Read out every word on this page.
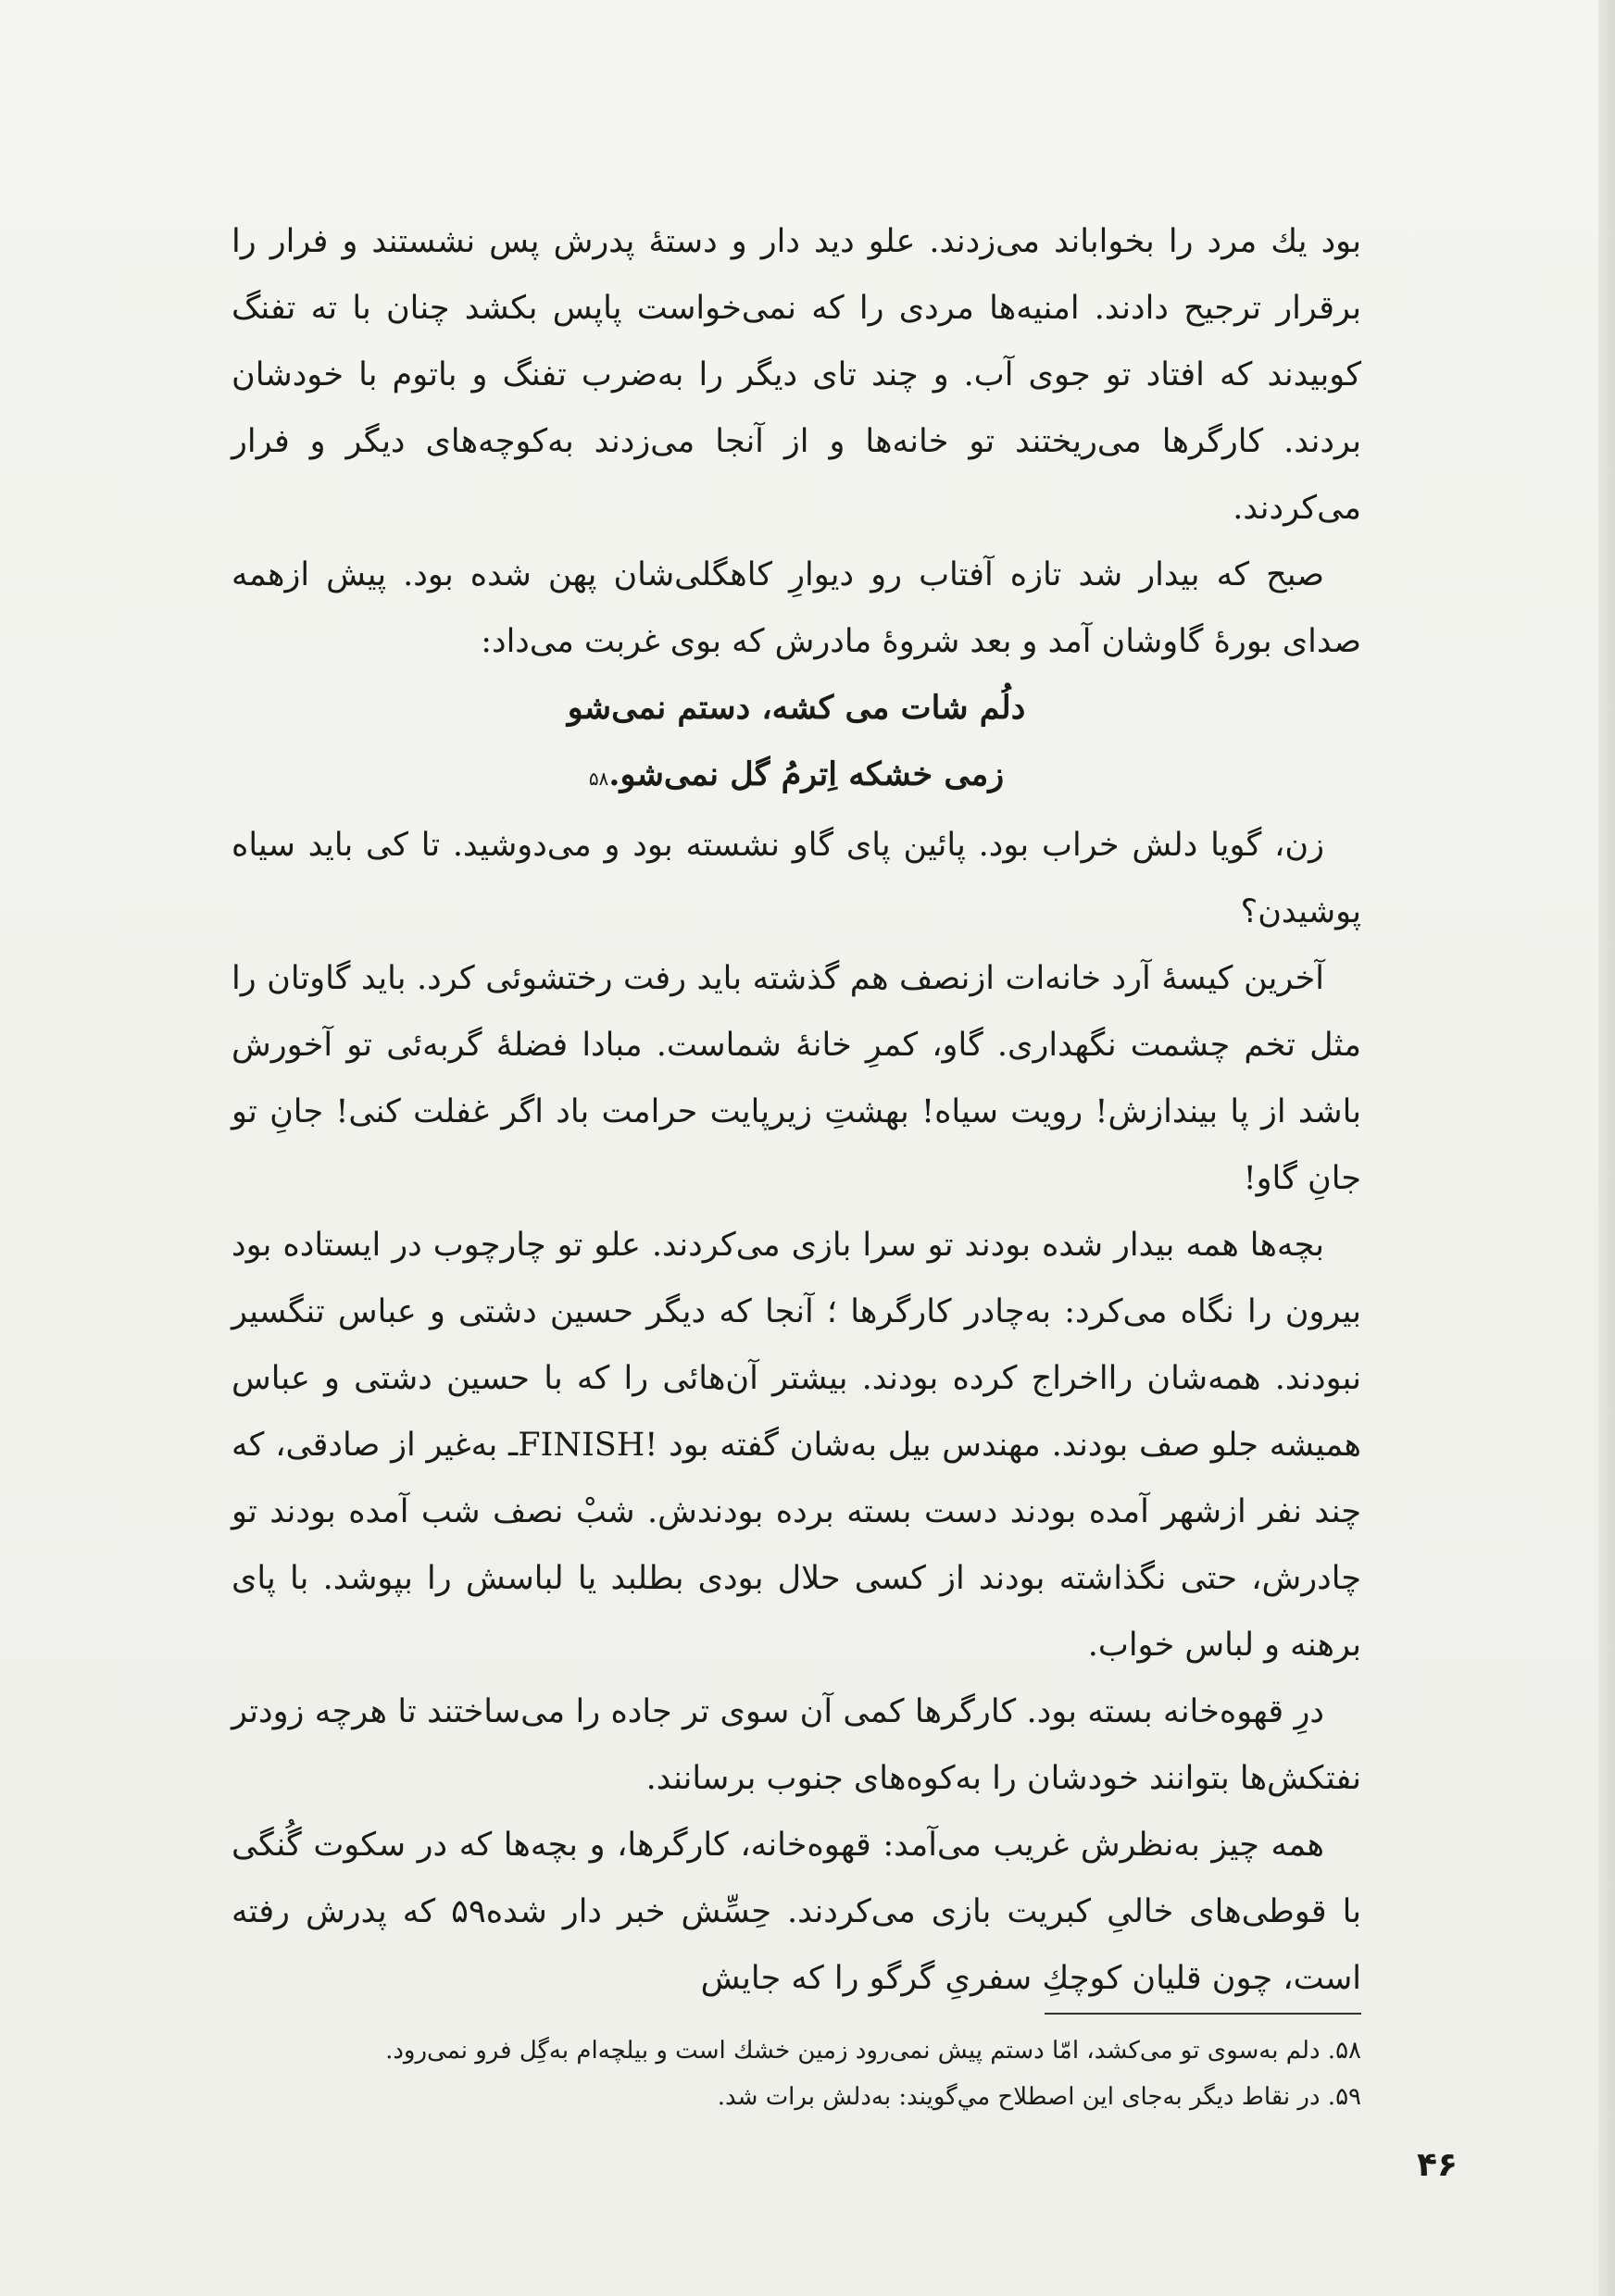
بود يك مرد را بخواباند مى‌زدند. علو ديد دار و دستهٔ پدرش پس نشستند و فرار را برقرار ترجيح دادند. امنيه‌ها مردى را كه نمى‌خواست پاپس بكشد چنان با ته تفنگ كوبيدند كه افتاد تو جوى آب. و چند تاى ديگر را به‌ضرب تفنگ و باتوم با خودشان بردند. كارگرها مى‌ريختند تو خانه‌ها و از آنجا مى‌زدند به‌كوچه‌هاى ديگر و فرار مى‌كردند.

صبح كه بيدار شد تازه آفتاب رو ديوارِ كاهگلى‌شان پهن شده بود. پيش ازهمه صداى بورهٔ گاوشان آمد و بعد شروهٔ مادرش كه بوى غربت مى‌داد:

دلُم شات مى كشه، دستم نمى‌شو
زمى خشكه اِترمُ گل نمى‌شو.۵۸

زن، گويا دلش خراب بود. پائين پاى گاو نشسته بود و مى‌دوشيد. تا كى بايد سياه پوشيدن؟

آخرين كيسهٔ آرد خانه‌ات ازنصف هم گذشته بايد رفت رختشوئى كرد. بايد گاوتان را مثل تخم چشمت نگهدارى. گاو، كمرِ خانهٔ شماست. مبادا فضلهٔ گربه‌ئى تو آخورش باشد از پا بيندازش! رويت سياه! بهشتِ زيرپايت حرامت باد اگر غفلت كنى! جانِ تو جانِ گاو!

بچه‌ها همه بيدار شده بودند تو سرا بازى مى‌كردند. علو تو چارچوب در ايستاده بود بيرون را نگاه مى‌كرد: به‌چادر كارگرها ؛ آنجا كه ديگر حسين دشتى و عباس تنگسير نبودند. همه‌شان رااخراج كرده بودند. بيشتر آن‌هائى را كه با حسين دشتى و عباس هميشه جلو صف بودند. مهندس بيل به‌شان گفته بود !FINISH‍ـ به‌غير از صادقى، كه چند نفر ازشهر آمده بودند دست بسته برده بودندش. شبْ نصف شب آمده بودند تو چادرش، حتى نگذاشته بودند از كسى حلال بودى بطلبد يا لباسش را بپوشد. با پاى برهنه و لباس خواب.

درِ قهوه‌خانه بسته بود. كارگرها كمى آن سوى تر جاده را مى‌ساختند تا هرچه زودتر نفتكش‌ها بتوانند خودشان را به‌كوه‌هاى جنوب برسانند.

همه چيز به‌نظرش غريب مى‌آمد: قهوه‌خانه، كارگرها، و بچه‌ها كه در سكوت گُنگى با قوطى‌هاى خالىِ كبريت بازى مى‌كردند. حِسِّش خبر دار شده۵۹ كه پدرش رفته است، چون قليان كوچكِ سفرىِ گرگو را كه جايش

۵۸. دلم به‌سوى تو مى‌كشد، امّا دستم پيش نمى‌رود زمين خشك است و بيلچه‌ام به‌گِل فرو نمى‌رود.

۵۹. در نقاط ديگر به‌جاى اين اصطلاح مي‌گويند: به‌دلش برات شد.

۴۶
